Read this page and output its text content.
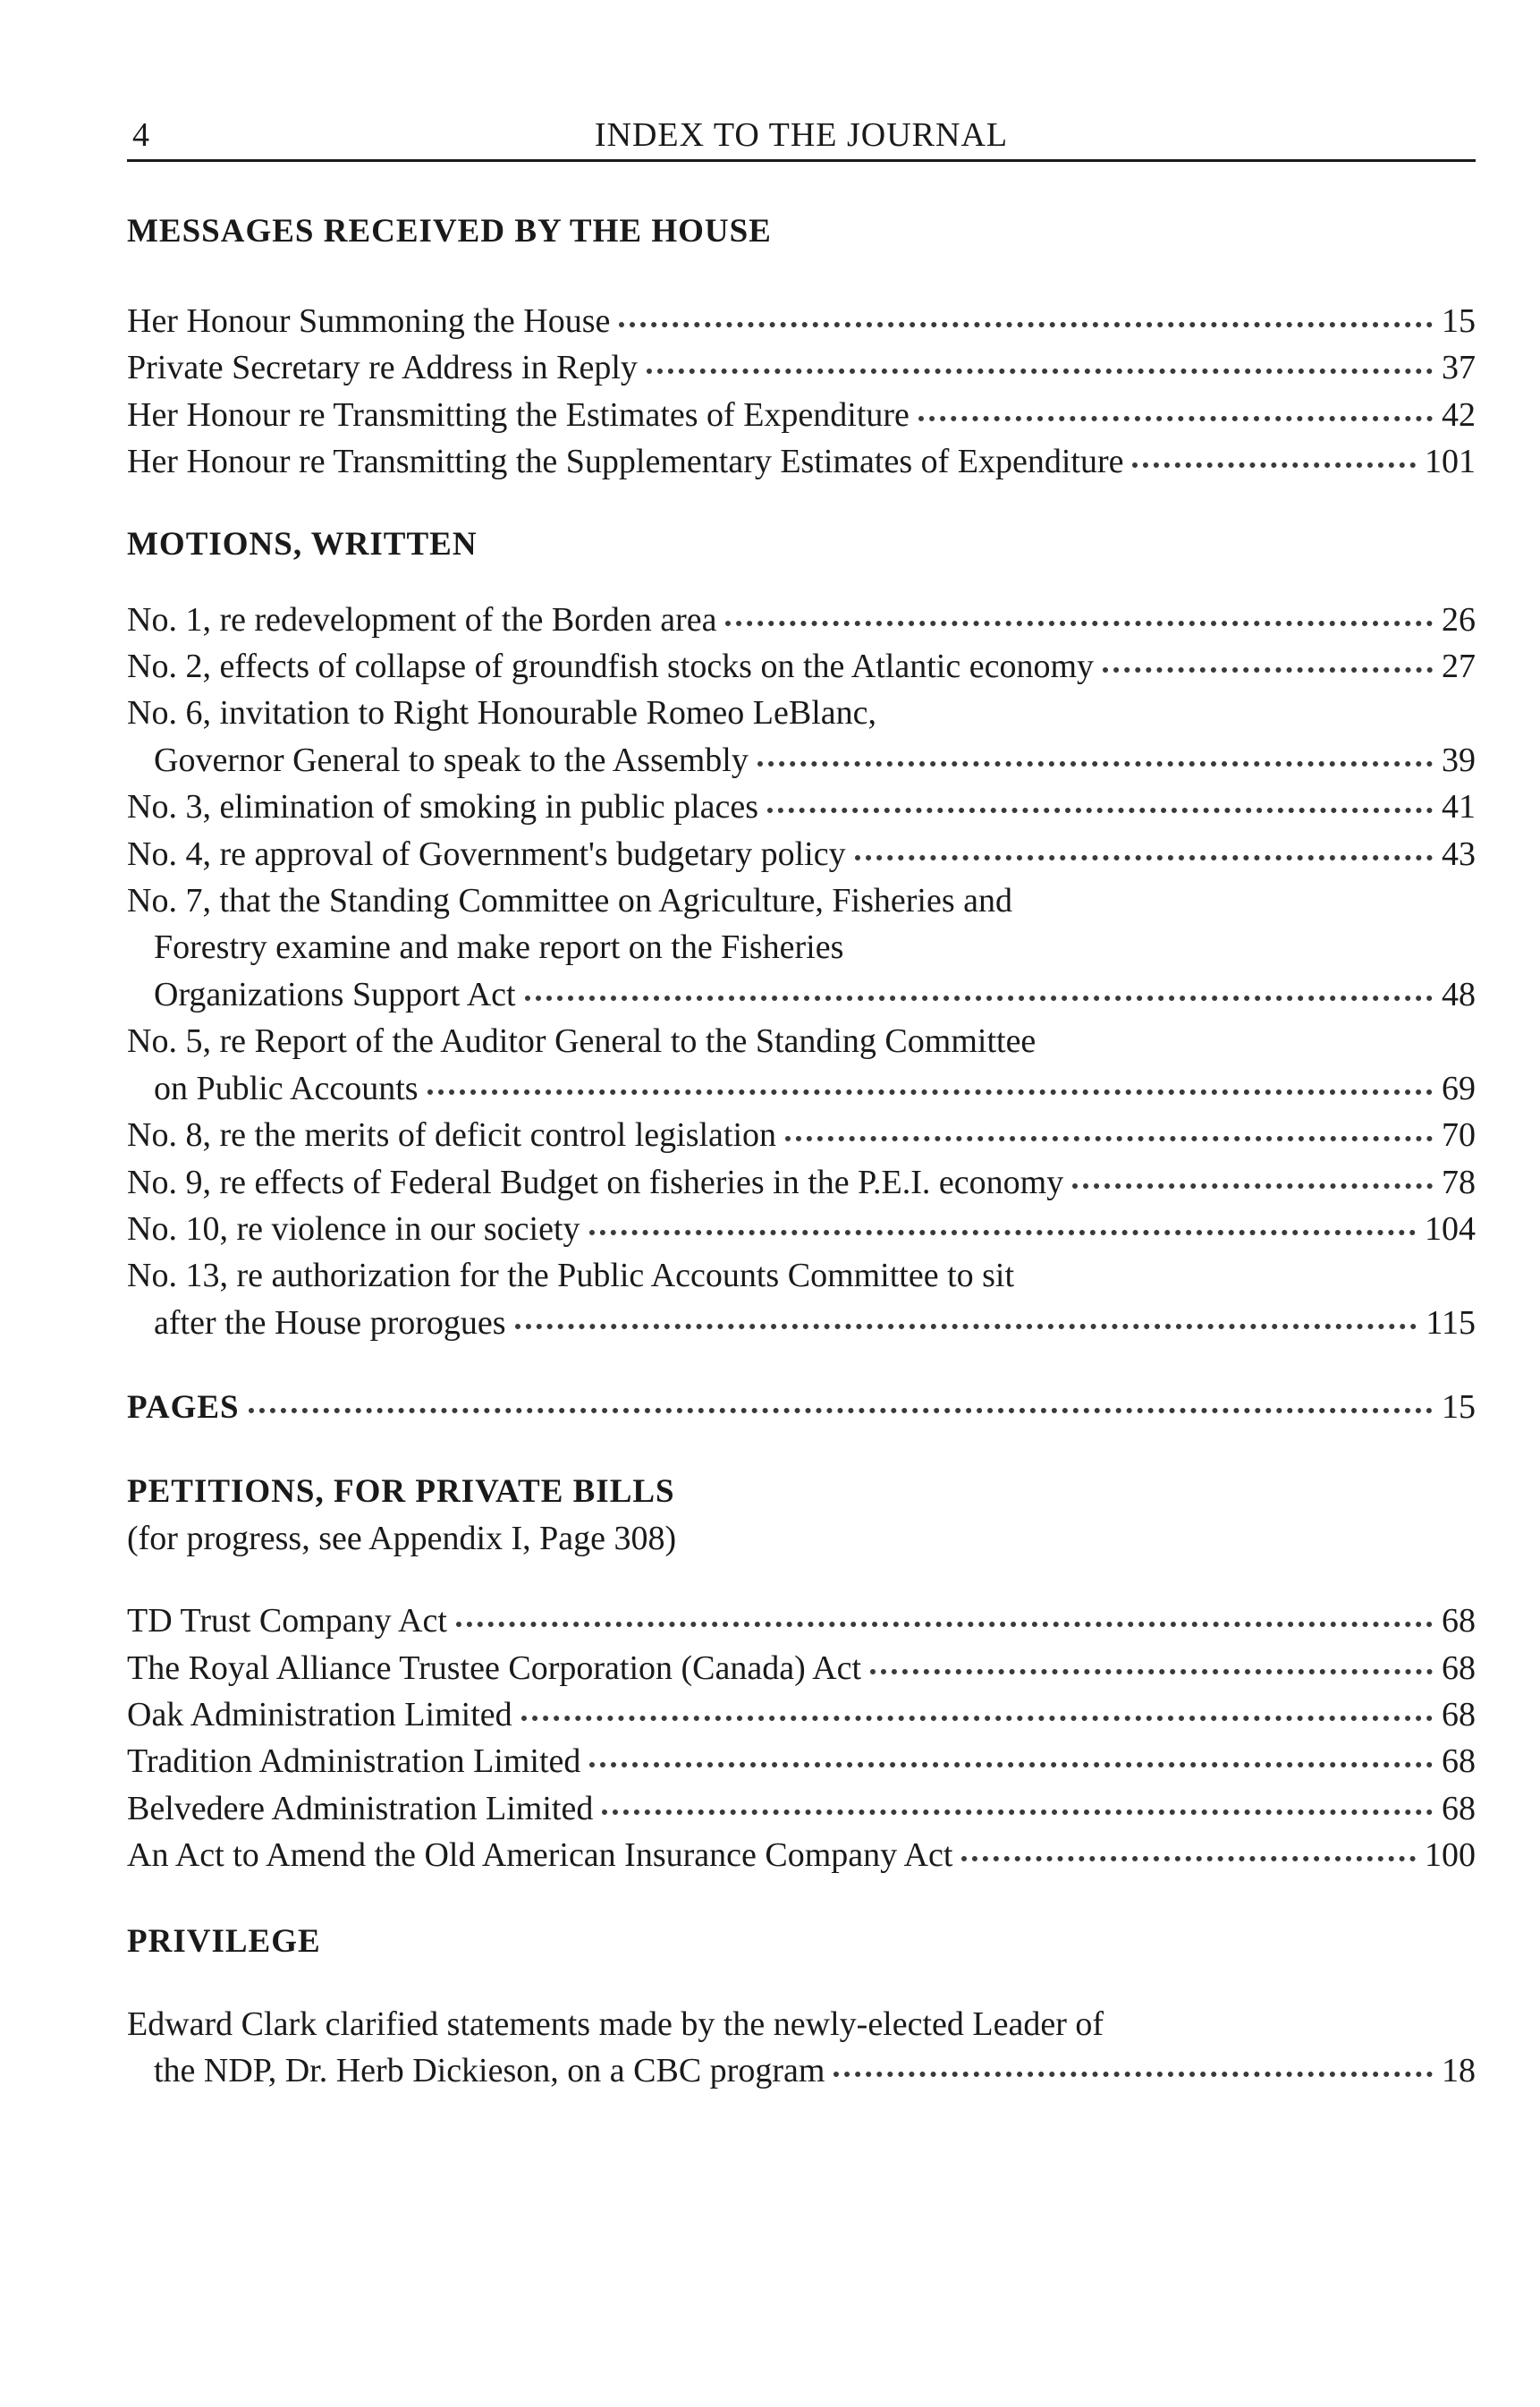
4	INDEX TO THE JOURNAL
MESSAGES RECEIVED BY THE HOUSE
Her Honour Summoning the House	15
Private Secretary re Address in Reply	37
Her Honour re Transmitting the Estimates of Expenditure	42
Her Honour re Transmitting the Supplementary Estimates of Expenditure	101
MOTIONS, WRITTEN
No. 1, re redevelopment of the Borden area	26
No. 2, effects of collapse of groundfish stocks on the Atlantic economy	27
No. 6, invitation to Right Honourable Romeo LeBlanc,
Governor General to speak to the Assembly	39
No. 3, elimination of smoking in public places	41
No. 4, re approval of Government's budgetary policy	43
No. 7, that the Standing Committee on Agriculture, Fisheries and
Forestry examine and make report on the Fisheries
Organizations Support Act	48
No. 5, re Report of the Auditor General to the Standing Committee
on Public Accounts	69
No. 8, re the merits of deficit control legislation	70
No. 9, re effects of Federal Budget on fisheries in the P.E.I. economy	78
No. 10, re violence in our society	104
No. 13, re authorization for the Public Accounts Committee to sit
after the House prorogues	115
PAGES	15
PETITIONS, FOR PRIVATE BILLS

(for progress, see Appendix I, Page 308)

TD Trust Company Act	68
The Royal Alliance Trustee Corporation (Canada) Act	68
Oak Administration Limited	68
Tradition Administration Limited	68
Belvedere Administration Limited	68
An Act to Amend the Old American Insurance Company Act	100
PRIVILEGE
Edward Clark clarified statements made by the newly-elected Leader of
the NDP, Dr. Herb Dickieson, on a CBC program	18
